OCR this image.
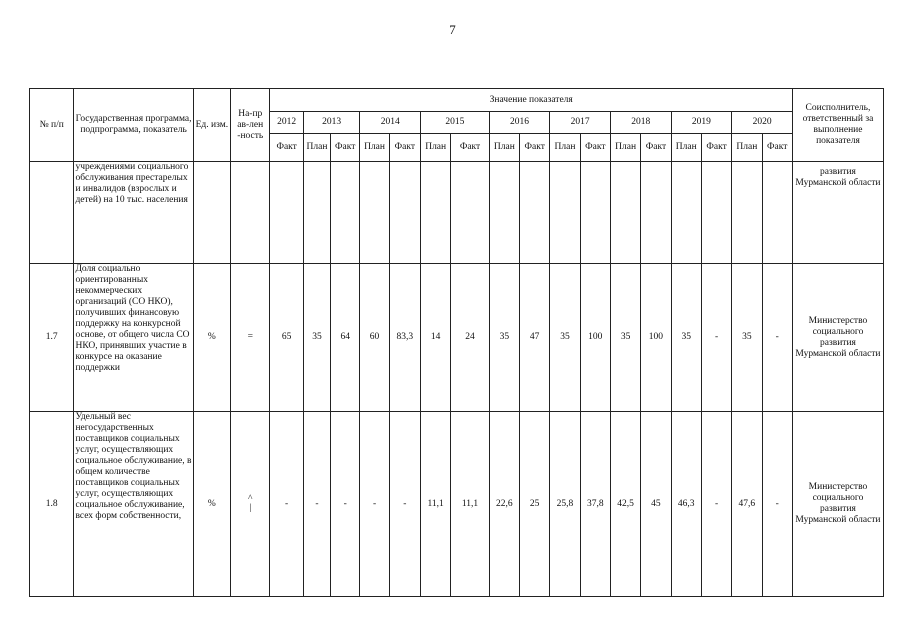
7
№ п/п	Государственная программа, подпрограмма, показатель	Ед. изм.	На-прав-лен-ность	Значение показателя																	Соисполнитель, ответственный за выполнение показателя
				2012	2013		2014		2015		2016		2017		2018		2019		2020		
				Факт	План	Факт	План	Факт	План	Факт	План	Факт	План	Факт	План	Факт	План	Факт	План	Факт	
	учреждениями социального обслуживания престарелых и инвалидов (взрослых и детей) на 10 тыс. населения																				развития Мурманской области
1.7	Доля социально ориентированных некоммерческих организаций (СО НКО), получивших финансовую поддержку на конкурсной основе, от общего числа СО НКО, принявших участие в конкурсе на оказание поддержки	%	=	65	35	64	60	83,3	14	24	35	47	35	100	35	100	35	-	35	-	Министерство социального развития Мурманской области
1.8	Удельный вес негосударственных поставщиков социальных услуг, осуществляющих социальное обслуживание, в общем количестве поставщиков социальных услуг, осуществляющих социальное обслуживание, всех форм собственности,	%	^
|	-	-	-	-	-	11,1	11,1	22,6	25	25,8	37,8	42,5	45	46,3	-	47,6	-	Министерство социального развития Мурманской области
